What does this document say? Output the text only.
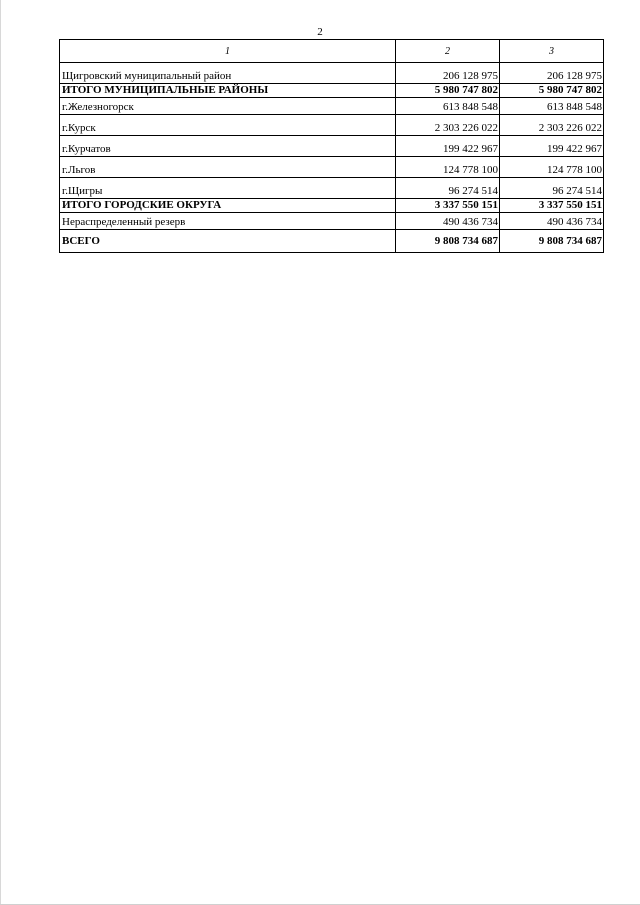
2
1	2	3
Щигровский муниципальный район	206 128 975	206 128 975
ИТОГО МУНИЦИПАЛЬНЫЕ РАЙОНЫ	5 980 747 802	5 980 747 802
г.Железногорск	613 848 548	613 848 548
г.Курск	2 303 226 022	2 303 226 022
г.Курчатов	199 422 967	199 422 967
г.Льгов	124 778 100	124 778 100
г.Щигры	96 274 514	96 274 514
ИТОГО ГОРОДСКИЕ ОКРУГА	3 337 550 151	3 337 550 151
Нераспределенный резерв	490 436 734	490 436 734
ВСЕГО	9 808 734 687	9 808 734 687
